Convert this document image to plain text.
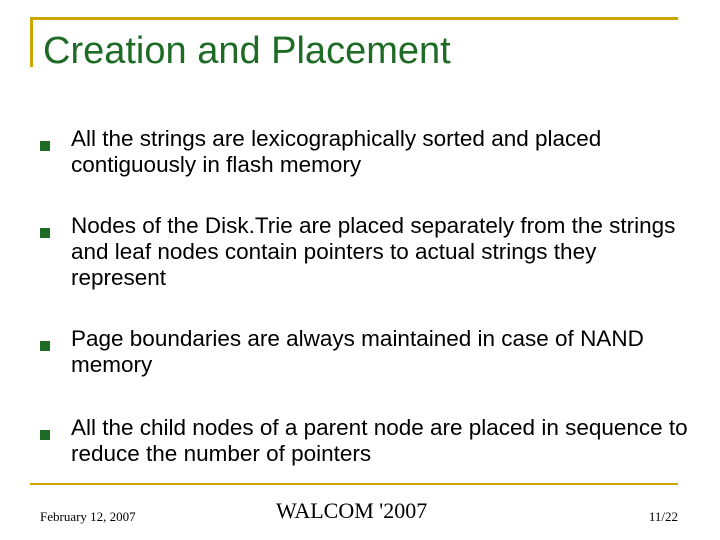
Creation and Placement
All the strings are lexicographically sorted and placed contiguously in flash memory
Nodes of the Disk.Trie are placed separately from the strings and leaf nodes contain pointers to actual strings they represent
Page boundaries are always maintained in case of NAND memory
All the child nodes of a parent node are placed in sequence to reduce the number of pointers
February 12, 2007	WALCOM '2007	11/22
